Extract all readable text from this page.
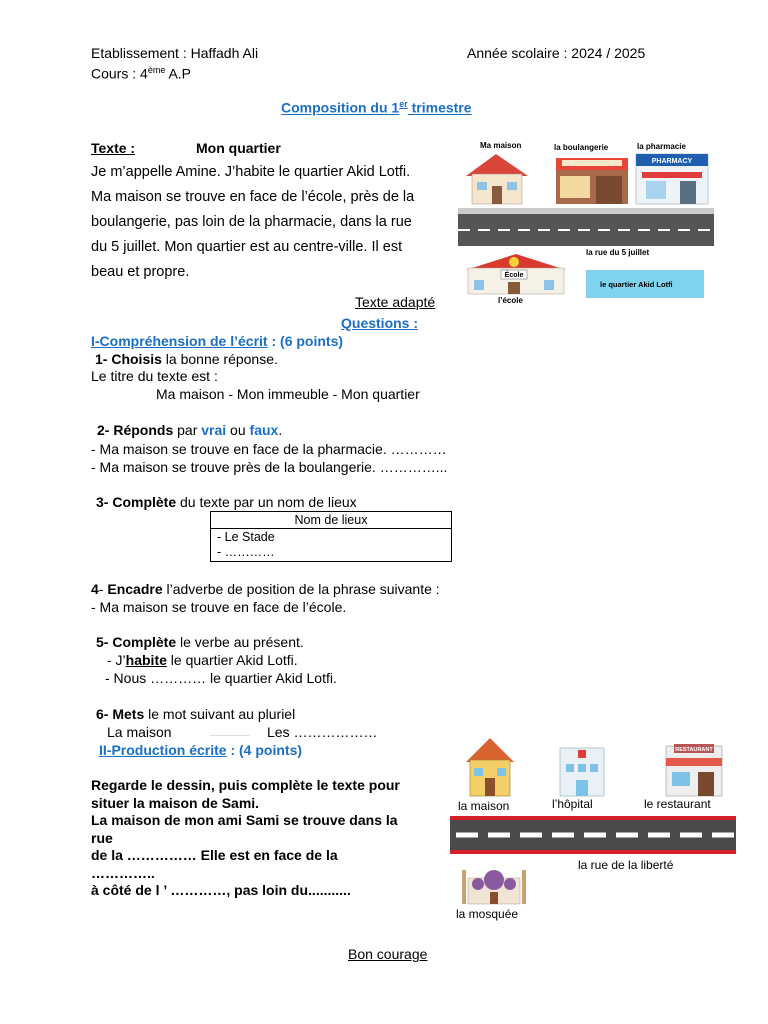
Etablissement : Haffadh Ali	Année scolaire : 2024 / 2025
Cours : 4ème A.P
Composition du 1er trimestre
Texte :	Mon quartier
Je m’appelle Amine. J’habite le quartier Akid Lotfi.
Ma maison se trouve en face de l’école, près de la
boulangerie, pas loin de la pharmacie, dans la rue
du 5 juillet. Mon quartier est au centre-ville. Il est
beau et propre.
Texte adapté
Ma maison	la boulangerie	la pharmacie
PHARMACY
la rue du 5 juillet
École
l’école
le quartier Akid Lotfi
Questions :
I-Compréhension de l’écrit : (6 points)
1- Choisis la bonne réponse.
Le titre du texte est :
Ma maison - Mon immeuble - Mon quartier
2- Réponds par vrai ou faux.
- Ma maison se trouve en face de la pharmacie. …………
- Ma maison se trouve près de la boulangerie. …………...
3- Complète du texte par un nom de lieux
Nom de lieux

- Le Stade
- …………
4- Encadre l’adverbe de position de la phrase suivante :
- Ma maison se trouve en face de l’école.
5- Complète le verbe au présent.
- J’habite le quartier Akid Lotfi.
- Nous ………… le quartier Akid Lotfi.
6- Mets le mot suivant au pluriel
La maison	Les ………………
II-Production écrite : (4 points)
Regarde le dessin, puis complète le texte pour
situer la maison de Sami.
La maison de mon ami Sami se trouve dans la
rue
de la …………… Elle est en face de la
…………..
à côté de l ’ …………, pas loin du...........
RESTAURANT
la maison	l’hôpital	le restaurant
la rue de la liberté
la mosquée
Bon courage
